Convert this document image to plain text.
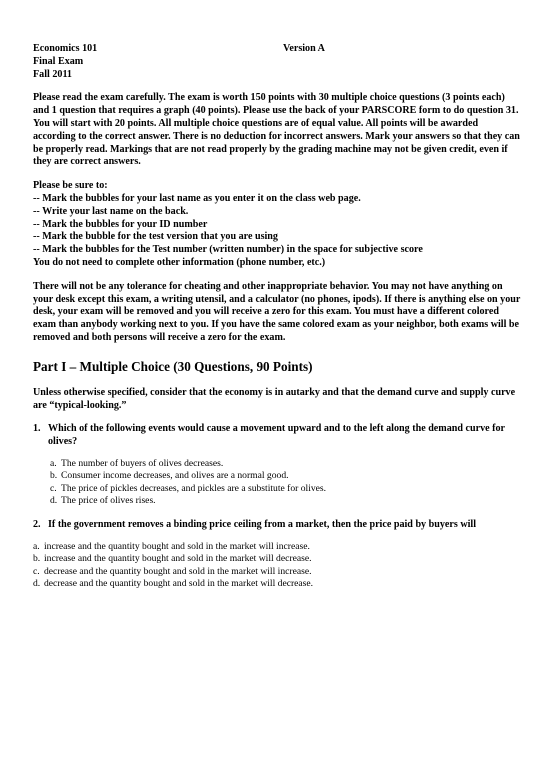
Economics 101	Version A
Final Exam
Fall 2011

Please read the exam carefully. The exam is worth 150 points with 30 multiple choice questions (3 points each) and 1 question that requires a graph (40 points). Please use the back of your PARSCORE form to do question 31. You will start with 20 points. All multiple choice questions are of equal value. All points will be awarded according to the correct answer. There is no deduction for incorrect answers. Mark your answers so that they can be properly read. Markings that are not read properly by the grading machine may not be given credit, even if they are correct answers.

Please be sure to:
-- Mark the bubbles for your last name as you enter it on the class web page.
-- Write your last name on the back.
-- Mark the bubbles for your ID number
-- Mark the bubble for the test version that you are using
-- Mark the bubbles for the Test number (written number) in the space for subjective score
You do not need to complete other information (phone number, etc.)

There will not be any tolerance for cheating and other inappropriate behavior. You may not have anything on your desk except this exam, a writing utensil, and a calculator (no phones, ipods). If there is anything else on your desk, your exam will be removed and you will receive a zero for this exam. You must have a different colored exam than anybody working next to you. If you have the same colored exam as your neighbor, both exams will be removed and both persons will receive a zero for the exam.

Part I – Multiple Choice (30 Questions, 90 Points)

Unless otherwise specified, consider that the economy is in autarky and that the demand curve and supply curve are “typical-looking.”

1. Which of the following events would cause a movement upward and to the left along the demand curve for olives?
a. The number of buyers of olives decreases.
b. Consumer income decreases, and olives are a normal good.
c. The price of pickles decreases, and pickles are a substitute for olives.
d. The price of olives rises.
2. If the government removes a binding price ceiling from a market, then the price paid by buyers will
a. increase and the quantity bought and sold in the market will increase.
b. increase and the quantity bought and sold in the market will decrease.
c. decrease and the quantity bought and sold in the market will increase.
d. decrease and the quantity bought and sold in the market will decrease.
